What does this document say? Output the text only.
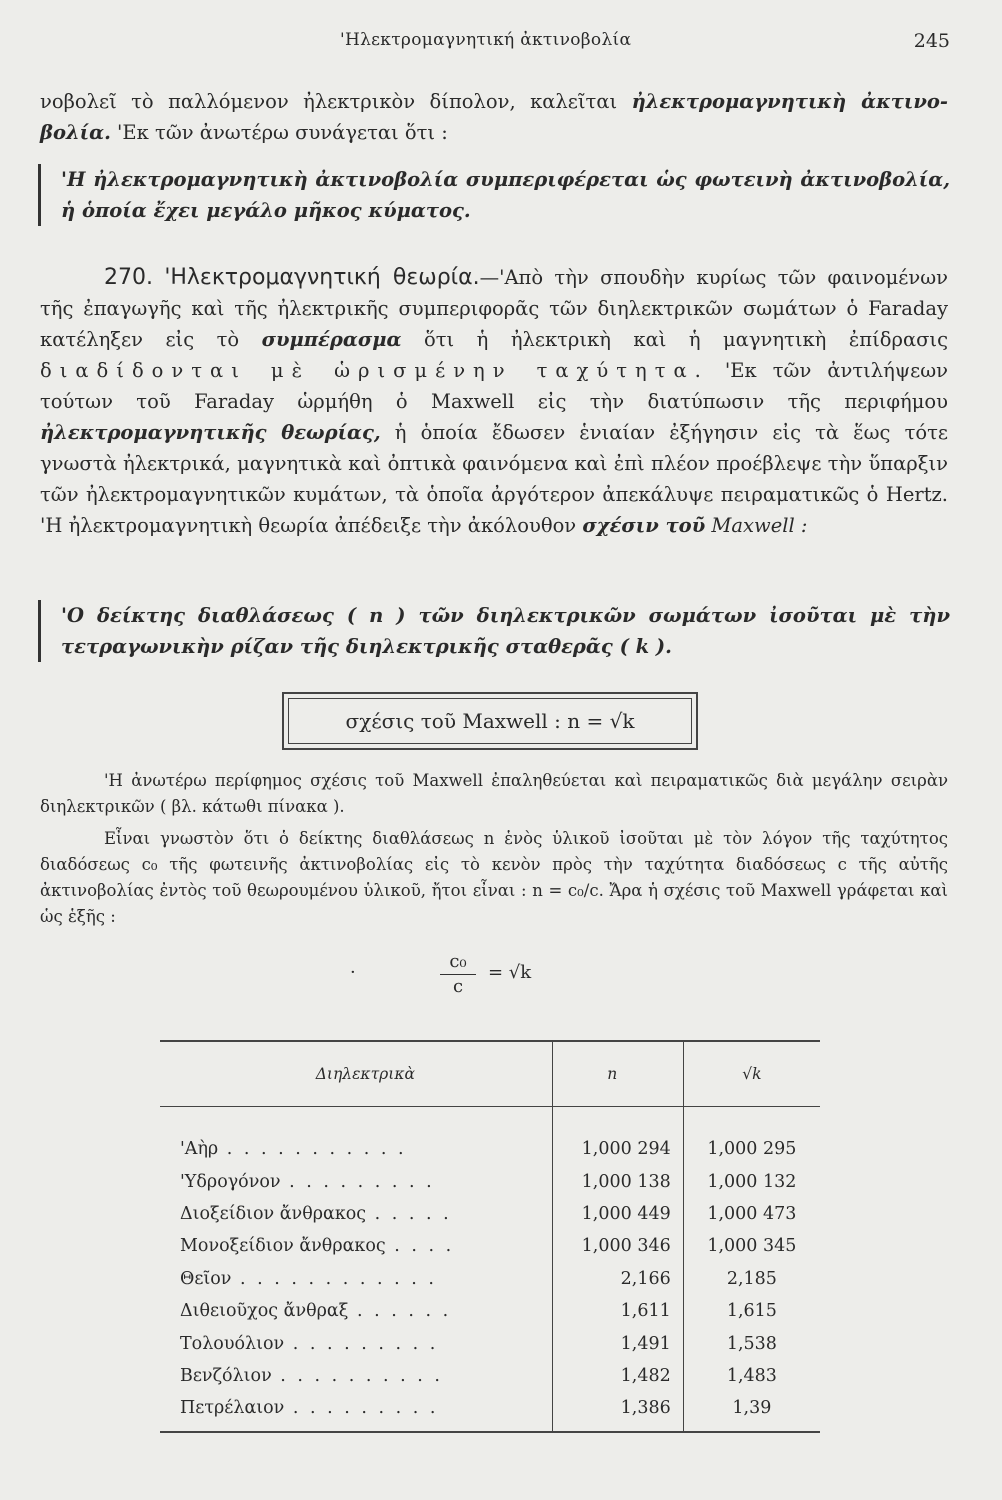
'Ηλεκτρομαγνητική ἀκτινοβολία	245

νοβολεῖ τὸ παλλόμενον ἠλεκτρικὸν δίπολον, καλεῖται ἠλεκτρομαγνητικὴ ἀκτινο-βολία. 'Εκ τῶν ἀνωτέρω συνάγεται ὅτι :

'Η ἠλεκτρομαγνητικὴ ἀκτινοβολία συμπεριφέρεται ὡς φωτεινὴ ἀκτινοβολία, ἡ ὁποία ἔχει μεγάλο μῆκος κύματος.

270. 'Ηλεκτρομαγνητική θεωρία.—'Απὸ τὴν σπουδὴν κυρίως τῶν φαινομένων τῆς ἐπαγωγῆς καὶ τῆς ἠλεκτρικῆς συμπεριφορᾶς τῶν διηλεκτρικῶν σωμάτων ὁ Faraday κατέληξεν εἰς τὸ συμπέρασμα ὅτι ἡ ἠλεκτρικὴ καὶ ἡ μαγνητικὴ ἐπίδρασις διαδίδονται μὲ ὡρισμένην ταχύτητα. 'Εκ τῶν ἀντιλήψεων τούτων τοῦ Faraday ὡρμήθη ὁ Maxwell εἰς τὴν διατύπωσιν τῆς περιφήμου ἠλεκτρομαγνητικῆς θεωρίας, ἡ ὁποία ἔδωσεν ἑνιαίαν ἐξήγησιν εἰς τὰ ἕως τότε γνωστὰ ἠλεκτρικά, μαγνητικὰ καὶ ὀπτικὰ φαινόμενα καὶ ἐπὶ πλέον προέβλεψε τὴν ὕπαρξιν τῶν ἠλεκτρομαγνητικῶν κυμάτων, τὰ ὁποῖα ἀργότερον ἀπεκάλυψε πειραματικῶς ὁ Hertz. 'Η ἠλεκτρομαγνητικὴ θεωρία ἀπέδειξε τὴν ἀκόλουθον σχέσιν τοῦ Maxwell :

'Ο δείκτης διαθλάσεως ( n ) τῶν διηλεκτρικῶν σωμάτων ἰσοῦται μὲ τὴν τετραγωνικὴν ρίζαν τῆς διηλεκτρικῆς σταθερᾶς ( k ).

σχέσις τοῦ Maxwell : n = √k

'Η ἀνωτέρω περίφημος σχέσις τοῦ Maxwell ἐπαληθεύεται καὶ πειραματικῶς διὰ μεγάλην σειρὰν διηλεκτρικῶν ( βλ. κάτωθι πίνακα ).

Εἶναι γνωστὸν ὅτι ὁ δείκτης διαθλάσεως n ἑνὸς ὑλικοῦ ἰσοῦται μὲ τὸν λόγον τῆς ταχύτητος διαδόσεως c₀ τῆς φωτεινῆς ἀκτινοβολίας εἰς τὸ κενὸν πρὸς τὴν ταχύτητα διαδόσεως c τῆς αὐτῆς ἀκτινοβολίας ἐντὸς τοῦ θεωρουμένου ὑλικοῦ, ἤτοι εἶναι : n = c₀/c. Ἄρα ἡ σχέσις τοῦ Maxwell γράφεται καὶ ὡς ἑξῆς :

·	$\frac{\text{c₀}}{c} = √k$
Διηλεκτρικὰ	n	√k
'Αὴρ . . . . . . . . . . .	1,000 294	1,000 295
'Υδρογόνον . . . . . . . . .	1,000 138	1,000 132
Διοξείδιον ἄνθρακος . . . . .	1,000 449	1,000 473
Μονοξείδιον ἄνθρακος . . . .	1,000 346	1,000 345
Θεῖον . . . . . . . . . . . .	2,166	2,185
Διθειοῦχος ἄνθραξ . . . . . .	1,611	1,615
Τολουόλιον . . . . . . . . .	1,491	1,538
Βενζόλιον . . . . . . . . . .	1,482	1,483
Πετρέλαιον . . . . . . . . .	1,386	1,39
